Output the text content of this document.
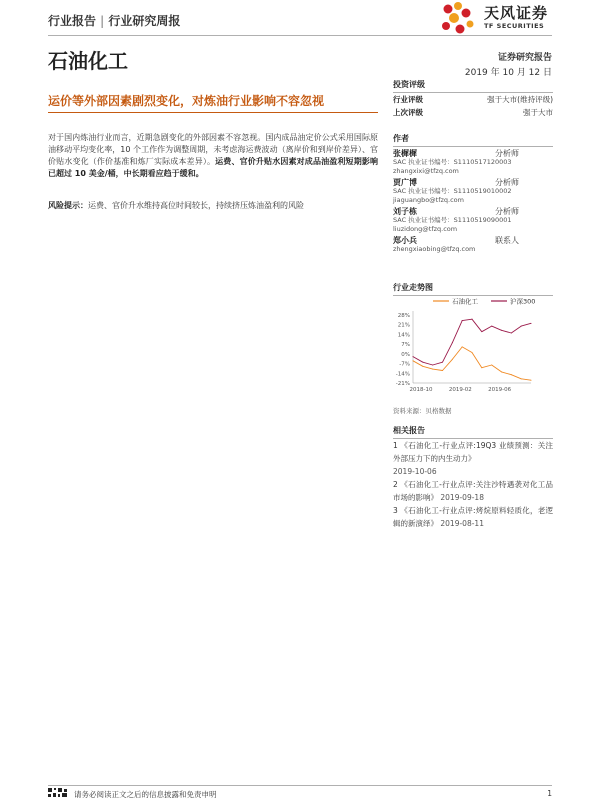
行业报告 | 行业研究周报	天风证券
TF SECURITIES
石油化工	证券研究报告
2019 年 10 月 12 日
运价等外部因素剧烈变化，对炼油行业影响不容忽视
对于国内炼油行业而言，近期急剧变化的外部因素不容忽视。国内成品油定价公式采用国际原油移动平均变化率，10 个工作作为调整周期，未考虑海运费波动（离岸价和到岸价差异）、官价贴水变化（作价基准和炼厂实际成本差异）。运费、官价升贴水因素对成品油盈利短期影响已超过 10 美金/桶，中长期看应趋于缓和。
风险提示：运费、官价升水维持高位时间较长，持续挤压炼油盈利的风险
投资评级
行业评级	强于大市(维持评级)
上次评级	强于大市
作者
张樨樨	分析师
SAC 执业证书编号：S1110517120003
zhangxixi@tfzq.com
贾广博	分析师
SAC 执业证书编号：S1110519010002
jiaguangbo@tfzq.com
刘子栋	分析师
SAC 执业证书编号：S1110519090001
liuzidong@tfzq.com
郑小兵	联系人
zhengxiaobing@tfzq.com
行业走势图
石油化工	沪深300
28%
21%
14%
7%
0%
-7%
-14%
-21%
2018-10	2019-02	2019-06
资料来源：贝格数据
相关报告
1 《石油化工-行业点评:19Q3 业绩预测：关注外部压力下的内生动力》
2019-10-06
2 《石油化工-行业点评:关注沙特遇袭对化工品市场的影响》 2019-09-18
3 《石油化工-行业点评:烤烷原料轻质化，老逻辑的新演绎》 2019-08-11
请务必阅读正文之后的信息披露和免责申明	1
